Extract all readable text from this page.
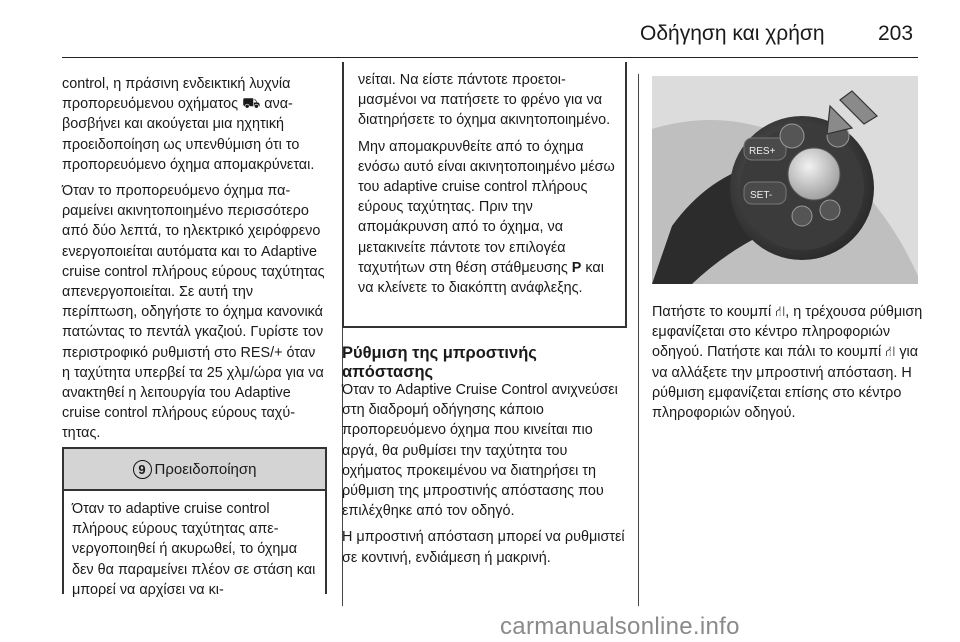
Οδήγηση και χρήση	203

control, η πράσινη ενδεικτική λυχνία προπορευόμενου οχήματος ⛟ αναβοσβήνει και ακούγεται μια ηχητική προειδοποίηση ως υπενθύμιση ότι το προπορευόμενο όχημα απομακρύνεται.

Όταν το προπορευόμενο όχημα παραμείνει ακινητοποιημένο περισσότερο από δύο λεπτά, το ηλεκτρικό χειρόφρενο ενεργοποιείται αυτόματα και το Adaptive cruise control πλήρους εύρους ταχύτητας απενεργοποιείται. Σε αυτή την περίπτωση, οδηγήστε το όχημα κανονικά πατώντας το πεντάλ γκαζιού. Γυρίστε τον περιστροφικό ρυθμιστή στο RES/+ όταν η ταχύτητα υπερβεί τα 25 χλμ/ώρα για να ανακτηθεί η λειτουργία του Adaptive cruise control πλήρους εύρους ταχύτητας.

9 Προειδοποίηση
Όταν το adaptive cruise control πλήρους εύρους ταχύτητας απενεργοποιηθεί ή ακυρωθεί, το όχημα δεν θα παραμείνει πλέον σε στάση και μπορεί να αρχίσει να κι-

νείται. Να είστε πάντοτε προετοιμασμένοι να πατήσετε το φρένο για να διατηρήσετε το όχημα ακινητοποιημένο.

Μην απομακρυνθείτε από το όχημα ενόσω αυτό είναι ακινητοποιημένο μέσω του adaptive cruise control πλήρους εύρους ταχύτητας. Πριν την απομάκρυνση από το όχημα, να μετακινείτε πάντοτε τον επιλογέα ταχυτήτων στη θέση στάθμευσης P και να κλείνετε το διακόπτη ανάφλεξης.

Ρύθμιση της μπροστινής απόστασης

Όταν το Adaptive Cruise Control ανιχνεύσει στη διαδρομή οδήγησης κάποιο προπορευόμενο όχημα που κινείται πιο αργά, θα ρυθμίσει την ταχύτητα του οχήματος προκειμένου να διατηρήσει τη ρύθμιση της μπροστινής απόστασης που επιλέχθηκε από τον οδηγό.

Η μπροστινή απόσταση μπορεί να ρυθμιστεί σε κοντινή, ενδιάμεση ή μακρινή.

RES+
SET-

Πατήστε το κουμπί ⛙, η τρέχουσα ρύθμιση εμφανίζεται στο κέντρο πληροφοριών οδηγού. Πατήστε και πάλι το κουμπί ⛙ για να αλλάξετε την μπροστινή απόσταση. Η ρύθμιση εμφανίζεται επίσης στο κέντρο πληροφοριών οδηγού.

carmanualsonline.info
